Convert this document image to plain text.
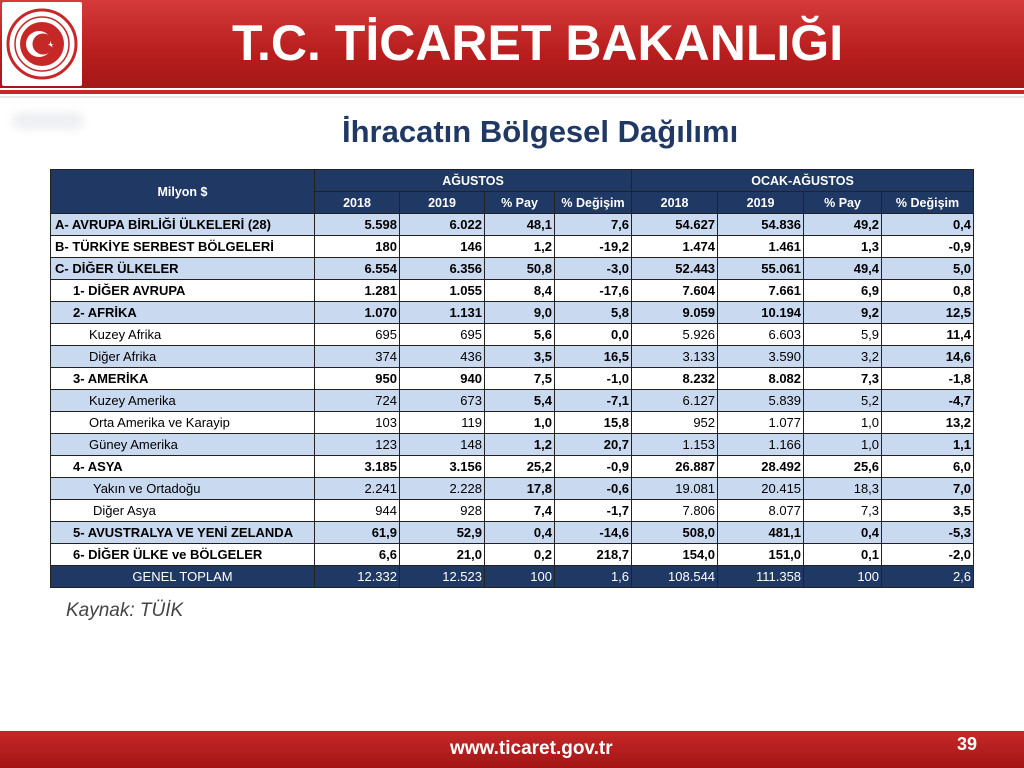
T.C. TİCARET BAKANLIĞI
İhracatın Bölgesel Dağılımı
Milyon $	AĞUSTOS				OCAK-AĞUSTOS			
	2018	2019	% Pay	% Değişim	2018	2019	% Pay	% Değişim
A- AVRUPA BİRLİĞİ ÜLKELERİ (28)	5.598	6.022	48,1	7,6	54.627	54.836	49,2	0,4
B- TÜRKİYE SERBEST BÖLGELERİ	180	146	1,2	-19,2	1.474	1.461	1,3	-0,9
C- DİĞER ÜLKELER	6.554	6.356	50,8	-3,0	52.443	55.061	49,4	5,0
1- DİĞER AVRUPA	1.281	1.055	8,4	-17,6	7.604	7.661	6,9	0,8
2- AFRİKA	1.070	1.131	9,0	5,8	9.059	10.194	9,2	12,5
Kuzey Afrika	695	695	5,6	0,0	5.926	6.603	5,9	11,4
Diğer Afrika	374	436	3,5	16,5	3.133	3.590	3,2	14,6
3- AMERİKA	950	940	7,5	-1,0	8.232	8.082	7,3	-1,8
Kuzey Amerika	724	673	5,4	-7,1	6.127	5.839	5,2	-4,7
Orta Amerika ve Karayip	103	119	1,0	15,8	952	1.077	1,0	13,2
Güney Amerika	123	148	1,2	20,7	1.153	1.166	1,0	1,1
4- ASYA	3.185	3.156	25,2	-0,9	26.887	28.492	25,6	6,0
Yakın ve Ortadoğu	2.241	2.228	17,8	-0,6	19.081	20.415	18,3	7,0
Diğer Asya	944	928	7,4	-1,7	7.806	8.077	7,3	3,5
5- AVUSTRALYA VE YENİ ZELANDA	61,9	52,9	0,4	-14,6	508,0	481,1	0,4	-5,3
6- DİĞER ÜLKE ve BÖLGELER	6,6	21,0	0,2	218,7	154,0	151,0	0,1	-2,0
GENEL TOPLAM	12.332	12.523	100	1,6	108.544	111.358	100	2,6
Kaynak: TÜİK
www.ticaret.gov.tr	39
